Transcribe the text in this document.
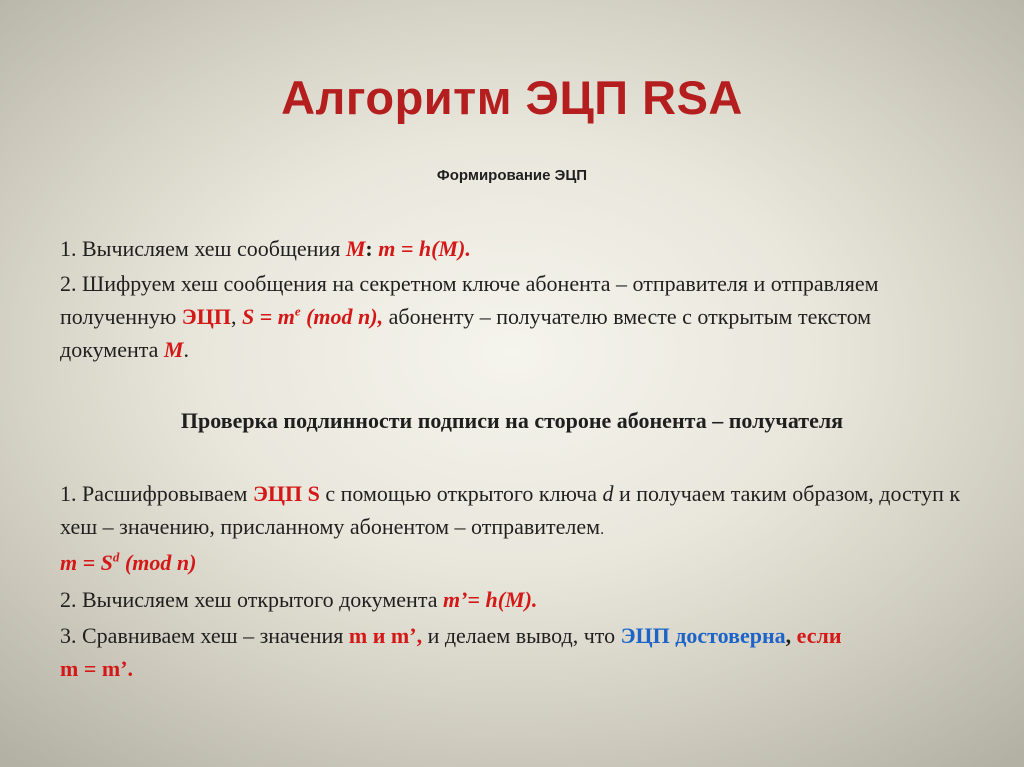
Алгоритм ЭЦП RSA
Формирование ЭЦП
1. Вычисляем хеш сообщения M: m = h(M).
2. Шифруем хеш сообщения на секретном ключе абонента – отправителя и отправляем полученную ЭЦП, $S = m^e$ (mod n), абоненту – получателю вместе с открытым текстом документа M.
Проверка подлинности подписи на стороне абонента – получателя
1. Расшифровываем ЭЦП S с помощью открытого ключа d и получаем таким образом, доступ к хеш – значению, присланному абонентом – отправителем.
$m = S^d$ (mod n)
2. Вычисляем хеш открытого документа m’= h(M).
3. Сравниваем хеш – значения m и m’, и делаем вывод, что ЭЦП достоверна, если
m = m’.
